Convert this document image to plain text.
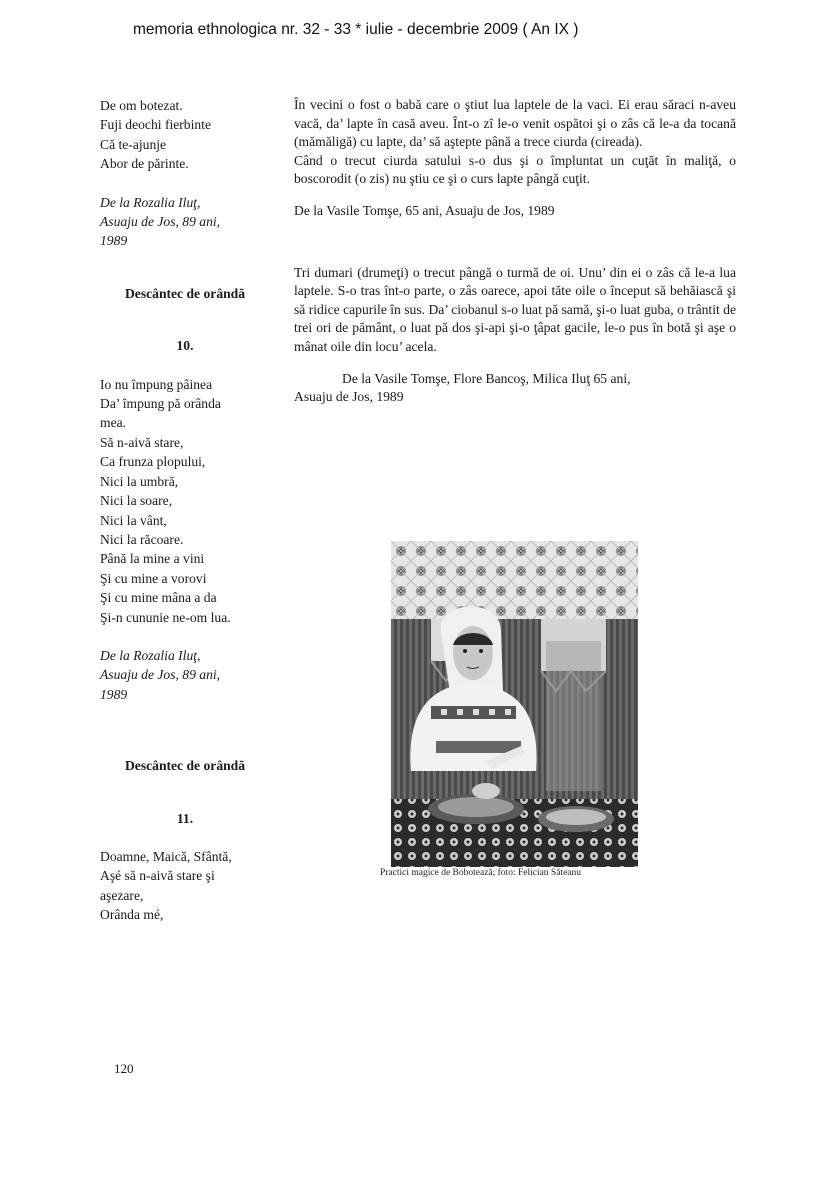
memoria ethnologica nr. 32 - 33 * iulie - decembrie 2009 ( An IX )
De om botezat.
Fuji deochi fierbinte
Că te-ajunje
Abor de părinte.
De la Rozalia Iluţ,
Asuaju de Jos, 89 ani,
1989
Descântec de orândă
10.
Io nu împung pâinea
Da’ împung pă orânda
mea.
Să n-aivă stare,
Ca frunza plopului,
Nici la umbră,
Nici la soare,
Nici la vânt,
Nici la răcoare.
Până la mine a vini
Şi cu mine a vorovi
Şi cu mine mâna a da
Şi-n cununie ne-om lua.
De la Rozalia Iluţ,
Asuaju de Jos, 89 ani,
1989
Descântec de orândă
11.
Doamne, Maică, Sfântă,
Aşé să n-aivă stare şi
aşezare,
Orânda mé,

În vecini o fost o babă care o ştiut lua laptele de la vaci. Ei erau săraci n-aveu vacă, da’ lapte în casă aveu. Înt-o zî le-o venit ospătoi şi o zâs că le-a da tocană (mămăligă) cu lapte, da’ să aştepte până a trece ciurda (cireada).

Când o trecut ciurda satului s-o dus şi o împluntat un cuţăt în maliţă, o boscorodit (o zis) nu ştiu ce şi o curs lapte pângă cuţit.

De la Vasile Tomşe, 65 ani, Asuaju de Jos, 1989

Tri dumari (drumeţi) o trecut pângă o turmă de oi. Unu’ din ei o zâs că le-a lua laptele. S-o tras înt-o parte, o zâs oarece, apoi tăte oile o început să behăiască şi să ridice capurile în sus. Da’ ciobanul s-o luat pă samă, şi-o luat guba, o trântit de trei ori de pământ, o luat pă dos şi-api şi-o ţâpat gacile, le-o pus în botă şi aşe o mânat oile din locu’ acela.

De la Vasile Tomşe, Flore Bancoş, Milica Iluţ 65 ani,
Asuaju de Jos, 1989
Practici magice de Bobotează; foto: Felician Săteanu
120
